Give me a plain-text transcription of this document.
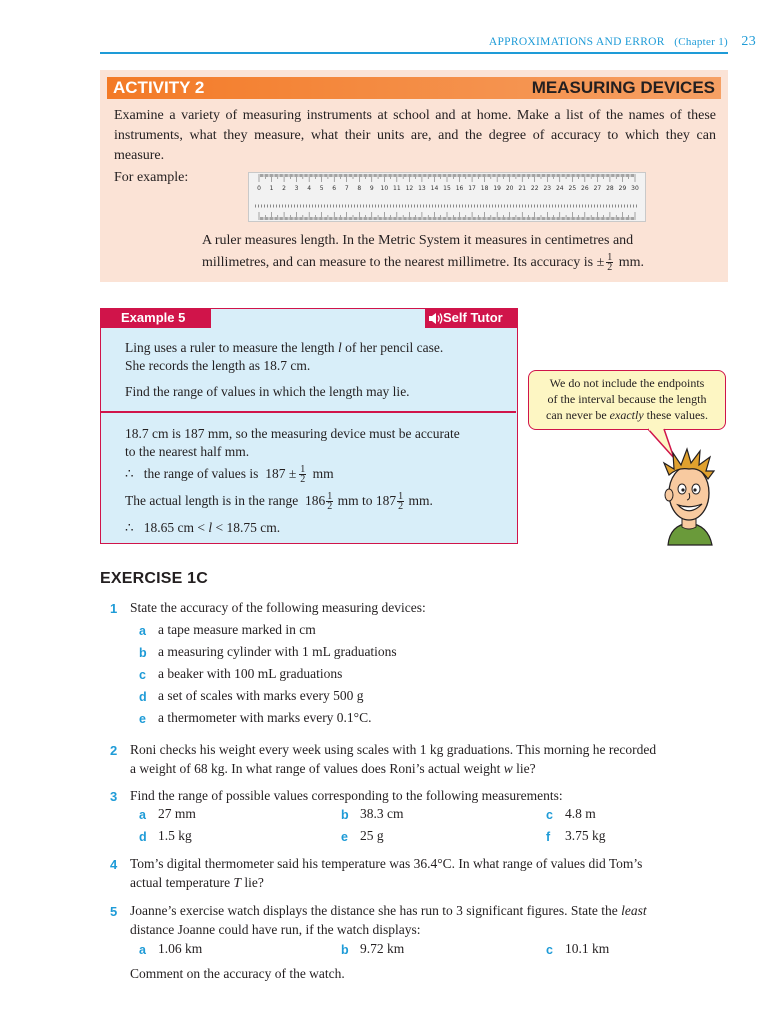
APPROXIMATIONS AND ERROR (Chapter 1) 23
ACTIVITY 2	MEASURING DEVICES
Examine a variety of measuring instruments at school and at home. Make a list of the names of these instruments, what they measure, what their units are, and the degree of accuracy to which they can measure.
For example:
0 1 2 3 4 5 6 7 8 9 10 11 12 13 14 15 16 17 18 19 20 21 22 23 24 25 26 27 28 29 30
A ruler measures length. In the Metric System it measures in centimetres and
millimetres, and can measure to the nearest millimetre. Its accuracy is ± $\frac{1}{2}$ mm.
Example 5	Self Tutor
Ling uses a ruler to measure the length l of her pencil case.
She records the length as 18.7 cm.
Find the range of values in which the length may lie.
18.7 cm is 187 mm, so the measuring device must be accurate
to the nearest half mm.
∴ the range of values is $187 \pm \frac{1}{2}$ mm
The actual length is in the range $186 \frac{1}{2}$ mm to $187 \frac{1}{2}$ mm.
∴ 18.65 cm < l < 18.75 cm.
We do not include the endpoints
of the interval because the length
can never be exactly these values.
EXERCISE 1C
1 State the accuracy of the following measuring devices:
a a tape measure marked in cm
b a measuring cylinder with 1 mL graduations
c a beaker with 100 mL graduations
d a set of scales with marks every 500 g
e a thermometer with marks every 0.1°C.
2 Roni checks his weight every week using scales with 1 kg graduations. This morning he recorded
a weight of 68 kg. In what range of values does Roni’s actual weight w lie?
3 Find the range of possible values corresponding to the following measurements:
a 27 mm	b 38.3 cm	c 4.8 m
d 1.5 kg	e 25 g	f 3.75 kg
4 Tom’s digital thermometer said his temperature was 36.4°C. In what range of values did Tom’s
actual temperature T lie?
5 Joanne’s exercise watch displays the distance she has run to 3 significant figures. State the least
distance Joanne could have run, if the watch displays:
a 1.06 km	b 9.72 km	c 10.1 km
Comment on the accuracy of the watch.
